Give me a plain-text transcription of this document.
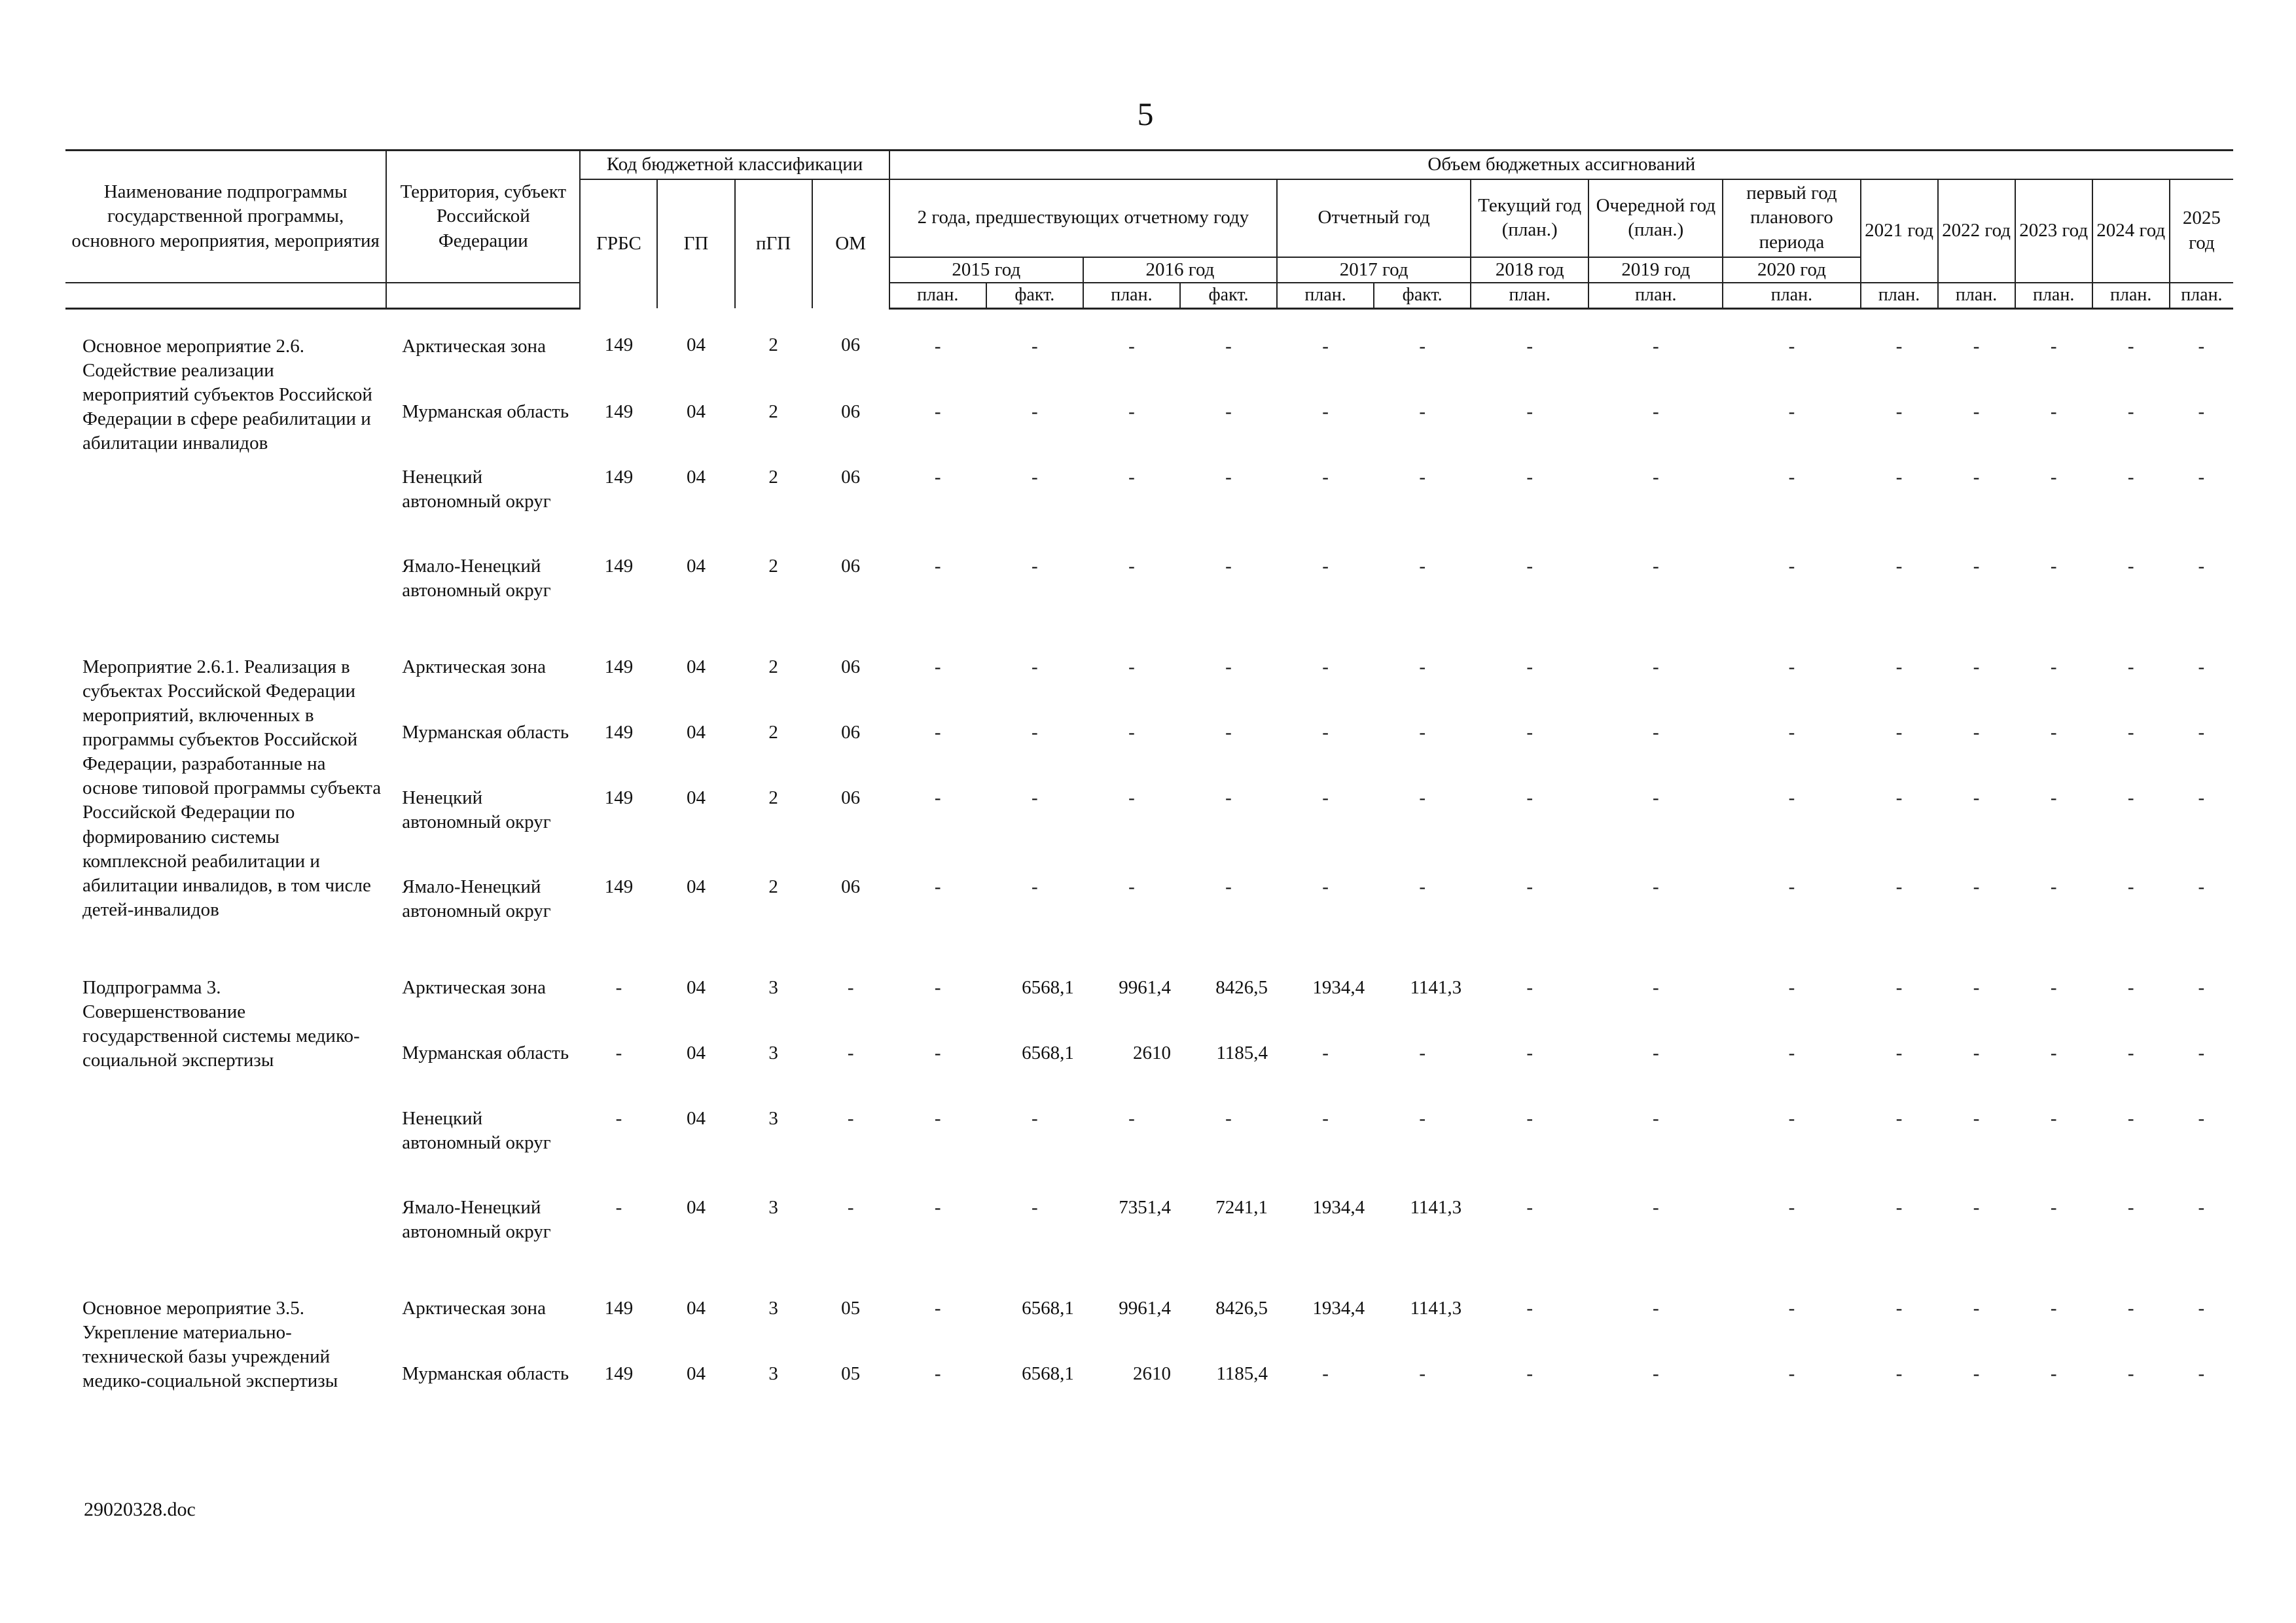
5
Наименование подпрограммы государственной программы, основного мероприятия, мероприятия	Территория, субъект Российской Федерации	Код бюджетной классификации				Объем бюджетных ассигнований													
		ГРБС	ГП	пГП	ОМ	2 года, предшествующих отчетному году				Отчетный год		Текущий год (план.)	Очередной год (план.)	первый год планового периода	2021 год	2022 год	2023 год	2024 год	2025 год
						2015 год		2016 год		2017 год		2018 год	2019 год	2020 год					
						план.	факт.	план.	факт.	план.	факт.	план.	план.	план.	план.	план.	план.	план.	план.
Основное мероприятие 2.6. Содействие реализации мероприятий субъектов Российской Федерации в сфере реабилитации и абилитации инвалидов	Арктическая зона	149	04	2	06	-	-	-	-	-	-	-	-	-	-	-	-	-	-
	Мурманская область	149	04	2	06	-	-	-	-	-	-	-	-	-	-	-	-	-	-
	Ненецкий автономный округ	149	04	2	06	-	-	-	-	-	-	-	-	-	-	-	-	-	-
	Ямало-Ненецкий автономный округ	149	04	2	06	-	-	-	-	-	-	-	-	-	-	-	-	-	-
Мероприятие 2.6.1. Реализация в субъектах Российской Федерации мероприятий, включенных в программы субъектов Российской Федерации, разработанные на основе типовой программы субъекта Российской Федерации по формированию системы комплексной реабилитации и абилитации инвалидов, в том числе детей-инвалидов	Арктическая зона	149	04	2	06	-	-	-	-	-	-	-	-	-	-	-	-	-	-
	Мурманская область	149	04	2	06	-	-	-	-	-	-	-	-	-	-	-	-	-	-
	Ненецкий автономный округ	149	04	2	06	-	-	-	-	-	-	-	-	-	-	-	-	-	-
	Ямало-Ненецкий автономный округ	149	04	2	06	-	-	-	-	-	-	-	-	-	-	-	-	-	-
Подпрограмма 3. Совершенствование государственной системы медико-социальной экспертизы	Арктическая зона	-	04	3	-	-	6568,1	9961,4	8426,5	1934,4	1141,3	-	-	-	-	-	-	-	-
	Мурманская область	-	04	3	-	-	6568,1	2610	1185,4	-	-	-	-	-	-	-	-	-	-
	Ненецкий автономный округ	-	04	3	-	-	-	-	-	-	-	-	-	-	-	-	-	-	-
	Ямало-Ненецкий автономный округ	-	04	3	-	-	-	7351,4	7241,1	1934,4	1141,3	-	-	-	-	-	-	-	-
Основное мероприятие 3.5. Укрепление материально-технической базы учреждений медико-социальной экспертизы	Арктическая зона	149	04	3	05	-	6568,1	9961,4	8426,5	1934,4	1141,3	-	-	-	-	-	-	-	-
	Мурманская область	149	04	3	05	-	6568,1	2610	1185,4	-	-	-	-	-	-	-	-	-	-
29020328.doc
